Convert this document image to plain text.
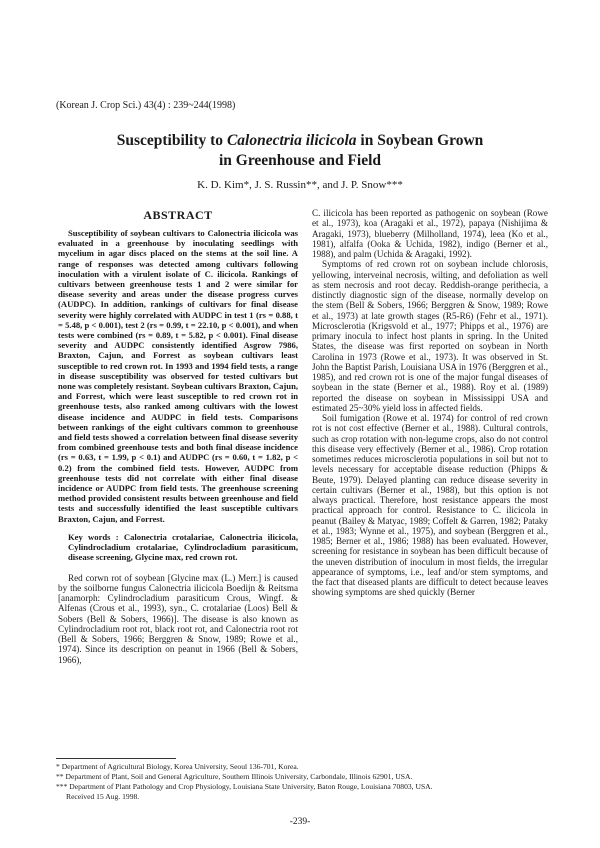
(Korean J. Crop Sci.) 43(4) : 239~244(1998)
Susceptibility to Calonectria ilicicola in Soybean Grown
in Greenhouse and Field
K. D. Kim*, J. S. Russin**, and J. P. Snow***
ABSTRACT

Susceptibility of soybean cultivars to Calonectria ilicicola was evaluated in a greenhouse by inoculating seedlings with mycelium in agar discs placed on the stems at the soil line. A range of responses was detected among cultivars following inoculation with a virulent isolate of C. ilicicola. Rankings of cultivars between greenhouse tests 1 and 2 were similar for disease severity and areas under the disease progress curves (AUDPC). In addition, rankings of cultivars for final disease severity were highly correlated with AUDPC in test 1 (rs = 0.88, t = 5.48, p < 0.001), test 2 (rs = 0.99, t = 22.10, p < 0.001), and when tests were combined (rs = 0.89, t = 5.82, p < 0.001). Final disease severity and AUDPC consistently identified Asgrow 7986, Braxton, Cajun, and Forrest as soybean cultivars least susceptible to red crown rot. In 1993 and 1994 field tests, a range in disease susceptibility was observed for tested cultivars but none was completely resistant. Soybean cultivars Braxton, Cajun, and Forrest, which were least susceptible to red crown rot in greenhouse tests, also ranked among cultivars with the lowest disease incidence and AUDPC in field tests. Comparisons between rankings of the eight cultivars common to greenhouse and field tests showed a correlation between final disease severity from combined greenhouse tests and both final disease incidence (rs = 0.63, t = 1.99, p < 0.1) and AUDPC (rs = 0.60, t = 1.82, p < 0.2) from the combined field tests. However, AUDPC from greenhouse tests did not correlate with either final disease incidence or AUDPC from field tests. The greenhouse screening method provided consistent results between greenhouse and field tests and successfully identified the least susceptible cultivars Braxton, Cajun, and Forrest.

Key words : Calonectria crotalariae, Calonectria ilicicola, Cylindrocladium crotalariae, Cylindrocladium parasiticum, disease screening, Glycine max, red crown rot.

Red corwn rot of soybean [Glycine max (L.) Merr.] is caused by the soilborne fungus Calonectria ilicicola Boedijn & Reitsma [anamorph: Cylindrocladium parasiticum Crous, Wingf. & Alfenas (Crous et al., 1993), syn., C. crotalariae (Loos) Bell & Sobers (Bell & Sobers, 1966)]. The disease is also known as Cylindrocladium root rot, black root rot, and Calonectria root rot (Bell & Sobers, 1966; Berggren & Snow, 1989; Rowe et al., 1974). Since its description on peanut in 1966 (Bell & Sobers, 1966),

C. ilicicola has been reported as pathogenic on soybean (Rowe et al., 1973), koa (Aragaki et al., 1972), papaya (Nishijima & Aragaki, 1973), blueberry (Milholland, 1974), leea (Ko et al., 1981), alfalfa (Ooka & Uchida, 1982), indigo (Berner et al., 1988), and palm (Uchida & Aragaki, 1992).

Symptoms of red crown rot on soybean include chlorosis, yellowing, interveinal necrosis, wilting, and defoliation as well as stem necrosis and root decay. Reddish-orange perithecia, a distinctly diagnostic sign of the disease, normally develop on the stem (Bell & Sobers, 1966; Berggren & Snow, 1989; Rowe et al., 1973) at late growth stages (R5-R6) (Fehr et al., 1971). Microsclerotia (Krigsvold et al., 1977; Phipps et al., 1976) are primary inocula to infect host plants in spring. In the United States, the disease was first reported on soybean in North Carolina in 1973 (Rowe et al., 1973). It was observed in St. John the Baptist Parish, Louisiana USA in 1976 (Berggren et al., 1985), and red crown rot is one of the major fungal diseases of soybean in the state (Berner et al., 1988). Roy et al. (1989) reported the disease on soybean in Mississippi USA and estimated 25~30% yield loss in affected fields.

Soil fumigation (Rowe et al. 1974) for control of red crown rot is not cost effective (Berner et al., 1988). Cultural controls, such as crop rotation with non-legume crops, also do not control this disease very effectively (Berner et al., 1986). Crop rotation sometimes reduces microsclerotia populations in soil but not to levels necessary for acceptable disease reduction (Phipps & Beute, 1979). Delayed planting can reduce disease severity in certain cultivars (Berner et al., 1988), but this option is not always practical. Therefore, host resistance appears the most practical approach for control. Resistance to C. ilicicola in peanut (Bailey & Matyac, 1989; Coffelt & Garren, 1982; Pataky et al., 1983; Wynne et al., 1975), and soybean (Berggren et al., 1985; Berner et al., 1986; 1988) has been evaluated. However, screening for resistance in soybean has been difficult because of the uneven distribution of inoculum in most fields, the irregular appearance of symptoms, i.e., leaf and/or stem symptoms, and the fact that diseased plants are difficult to detect because leaves showing symptoms are shed quickly (Berner

* Department of Agricultural Biology, Korea University, Seoul 136-701, Korea.
** Department of Plant, Soil and General Agriculture, Southern Illinois University, Carbondale, Illinois 62901, USA.
*** Department of Plant Pathology and Crop Physiology, Louisiana State University, Baton Rouge, Louisiana 70803, USA.
Received 15 Aug. 1998.
-239-
